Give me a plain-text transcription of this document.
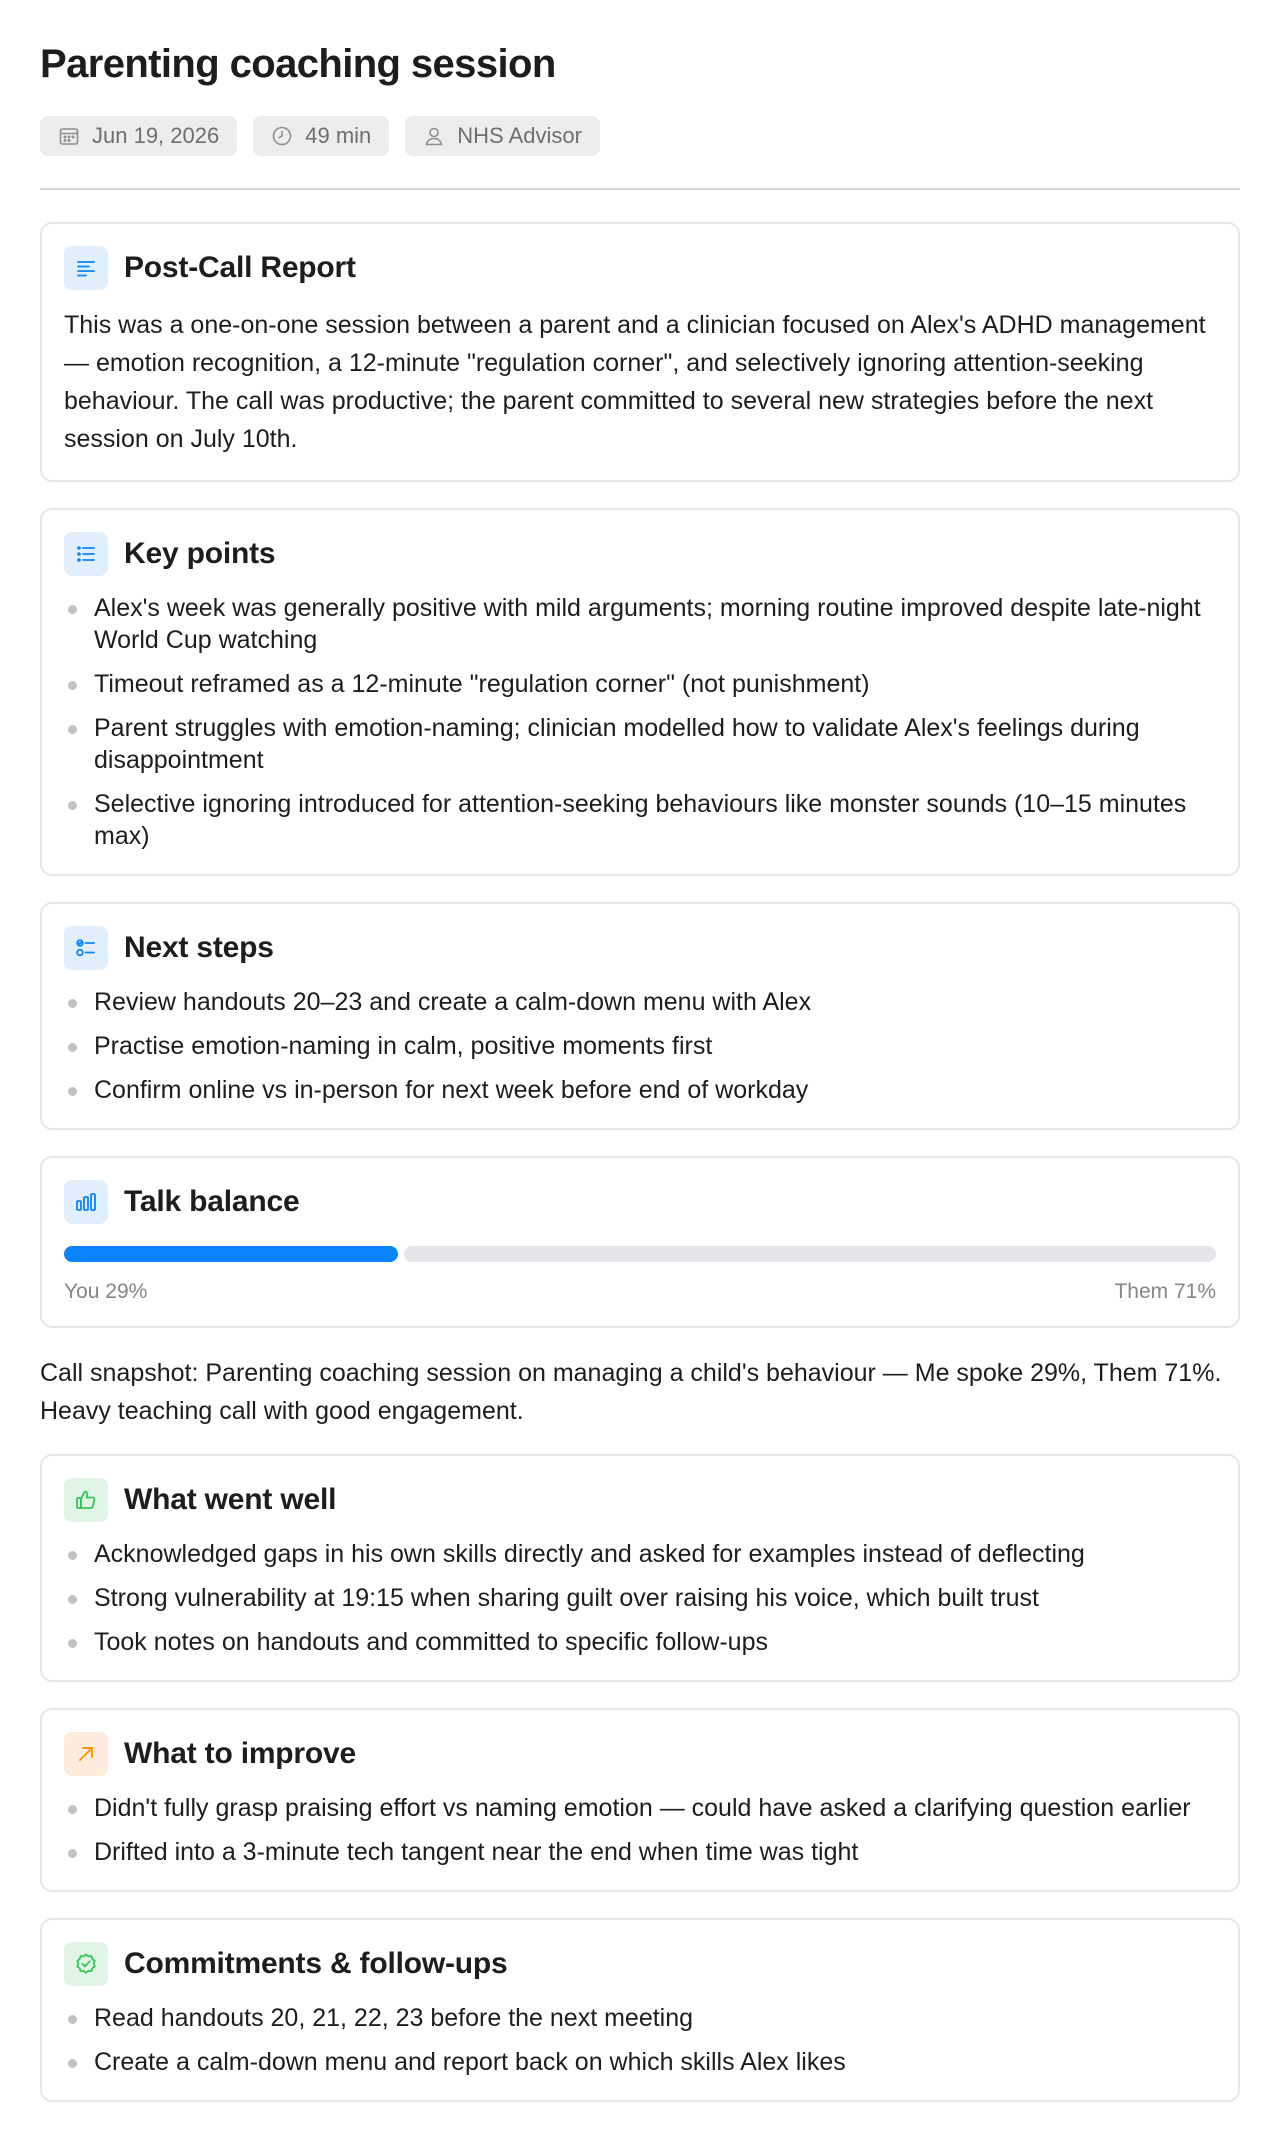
Parenting coaching session
Jun 19, 2026	49 min	NHS Advisor
Post-Call Report

This was a one-on-one session between a parent and a clinician focused on Alex's ADHD management — emotion recognition, a 12-minute "regulation corner", and selectively ignoring attention-seeking behaviour. The call was productive; the parent committed to several new strategies before the next session on July 10th.

Key points
Alex's week was generally positive with mild arguments; morning routine improved despite late-night World Cup watching
Timeout reframed as a 12-minute "regulation corner" (not punishment)
Parent struggles with emotion-naming; clinician modelled how to validate Alex's feelings during disappointment
Selective ignoring introduced for attention-seeking behaviours like monster sounds (10–15 minutes max)
Next steps
Review handouts 20–23 and create a calm-down menu with Alex
Practise emotion-naming in calm, positive moments first
Confirm online vs in-person for next week before end of workday
Talk balance
You 29%	Them 71%

Call snapshot: Parenting coaching session on managing a child's behaviour — Me spoke 29%, Them 71%. Heavy teaching call with good engagement.

What went well
Acknowledged gaps in his own skills directly and asked for examples instead of deflecting
Strong vulnerability at 19:15 when sharing guilt over raising his voice, which built trust
Took notes on handouts and committed to specific follow-ups
What to improve
Didn't fully grasp praising effort vs naming emotion — could have asked a clarifying question earlier
Drifted into a 3-minute tech tangent near the end when time was tight
Commitments & follow-ups
Read handouts 20, 21, 22, 23 before the next meeting
Create a calm-down menu and report back on which skills Alex likes
